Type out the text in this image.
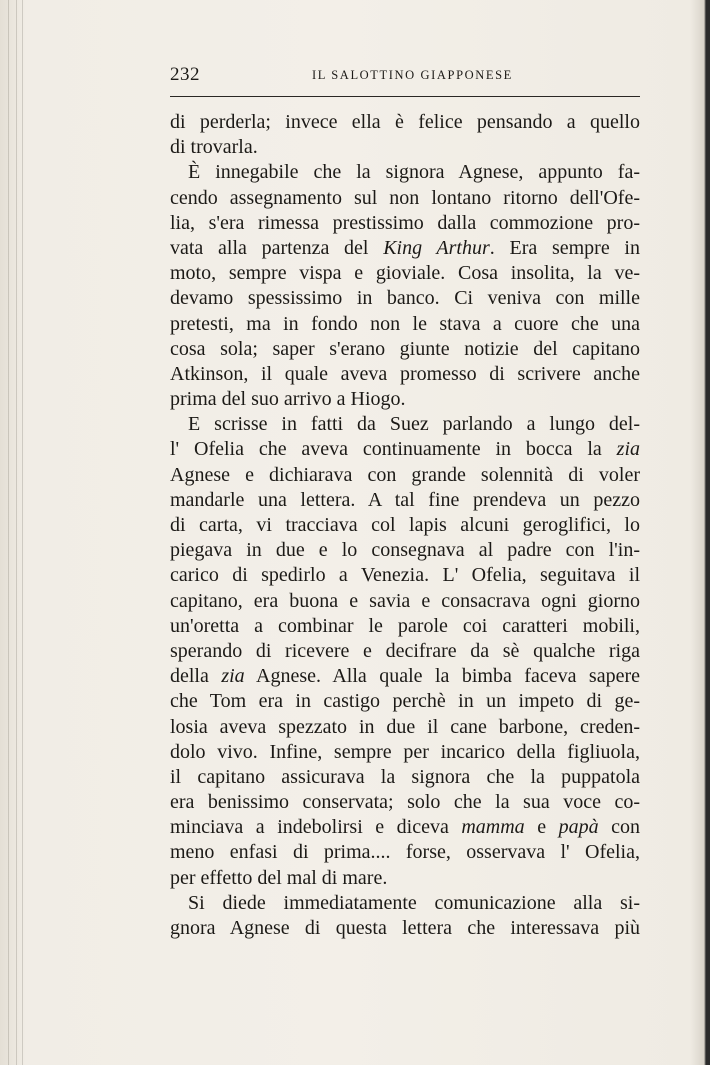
232	IL SALOTTINO GIAPPONESE
di perderla; invece ella è felice pensando a quello
di trovarla.
È innegabile che la signora Agnese, appunto fa-
cendo assegnamento sul non lontano ritorno dell'Ofe-
lia, s'era rimessa prestissimo dalla commozione pro-
vata alla partenza del King Arthur. Era sempre in
moto, sempre vispa e gioviale. Cosa insolita, la ve-
devamo spessissimo in banco. Ci veniva con mille
pretesti, ma in fondo non le stava a cuore che una
cosa sola; saper s'erano giunte notizie del capitano
Atkinson, il quale aveva promesso di scrivere anche
prima del suo arrivo a Hiogo.
E scrisse in fatti da Suez parlando a lungo del-
l' Ofelia che aveva continuamente in bocca la zia
Agnese e dichiarava con grande solennità di voler
mandarle una lettera. A tal fine prendeva un pezzo
di carta, vi tracciava col lapis alcuni geroglifici, lo
piegava in due e lo consegnava al padre con l'in-
carico di spedirlo a Venezia. L' Ofelia, seguitava il
capitano, era buona e savia e consacrava ogni giorno
un'oretta a combinar le parole coi caratteri mobili,
sperando di ricevere e decifrare da sè qualche riga
della zia Agnese. Alla quale la bimba faceva sapere
che Tom era in castigo perchè in un impeto di ge-
losia aveva spezzato in due il cane barbone, creden-
dolo vivo. Infine, sempre per incarico della figliuola,
il capitano assicurava la signora che la puppatola
era benissimo conservata; solo che la sua voce co-
minciava a indebolirsi e diceva mamma e papà con
meno enfasi di prima.... forse, osservava l' Ofelia,
per effetto del mal di mare.
Si diede immediatamente comunicazione alla si-
gnora Agnese di questa lettera che interessava più
